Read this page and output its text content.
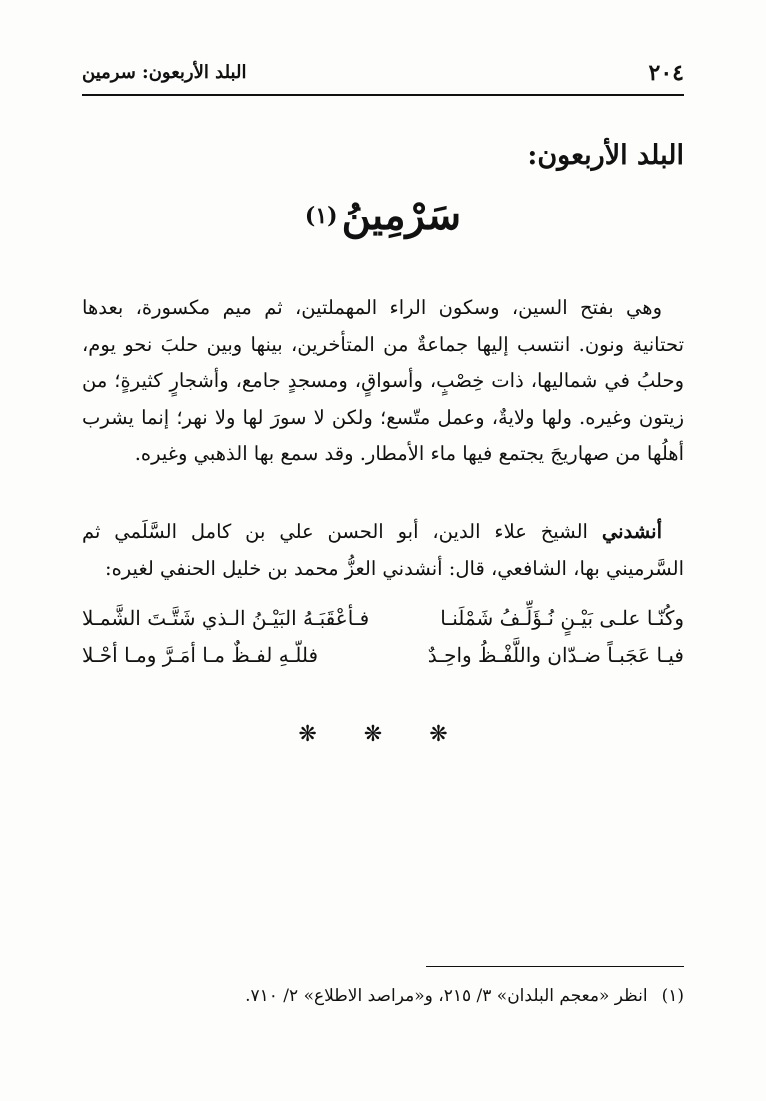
٢٠٤
البلد الأربعون: سرمين
البلد الأربعون:
سَرْمِينُ(١)
وهي بفتح السين، وسكون الراء المهملتين، ثم ميم مكسورة، بعدها تحتانية ونون. انتسب إليها جماعةٌ من المتأخرين، بينها وبين حلبَ نحو يوم، وحلبُ في شماليها، ذات خِصْبٍ، وأسواقٍ، ومسجدٍ جامع، وأشجارٍ كثيرةٍ؛ من زيتون وغيره. ولها ولايةٌ، وعمل متّسع؛ ولكن لا سورَ لها ولا نهر؛ إنما يشرب أهلُها من صهاريجَ يجتمع فيها ماء الأمطار. وقد سمع بها الذهبي وغيره.
أنشدني الشيخ علاء الدين، أبو الحسن علي بن كامل السَّلَمي ثم السَّرميني بها، الشافعي، قال: أنشدني العزُّ محمد بن خليل الحنفي لغيره:
وكُنّـا علـى بَيْـنٍ نُـؤَلِّـفُ شَمْلَنـا
فـأعْقَبَـهُ البَيْـنُ الـذي شَتَّـتَ الشَّمـلا
فيـا عَجَبـاً ضـدّان واللَّفْـظُ واحِـدٌ
فللّـهِ لفـظٌ مـا أمَـرَّ ومـا أحْـلا
❋ ❋ ❋
(١)انظر «معجم البلدان» ٣/ ٢١٥، و«مراصد الاطلاع» ٢/ ٧١٠.
